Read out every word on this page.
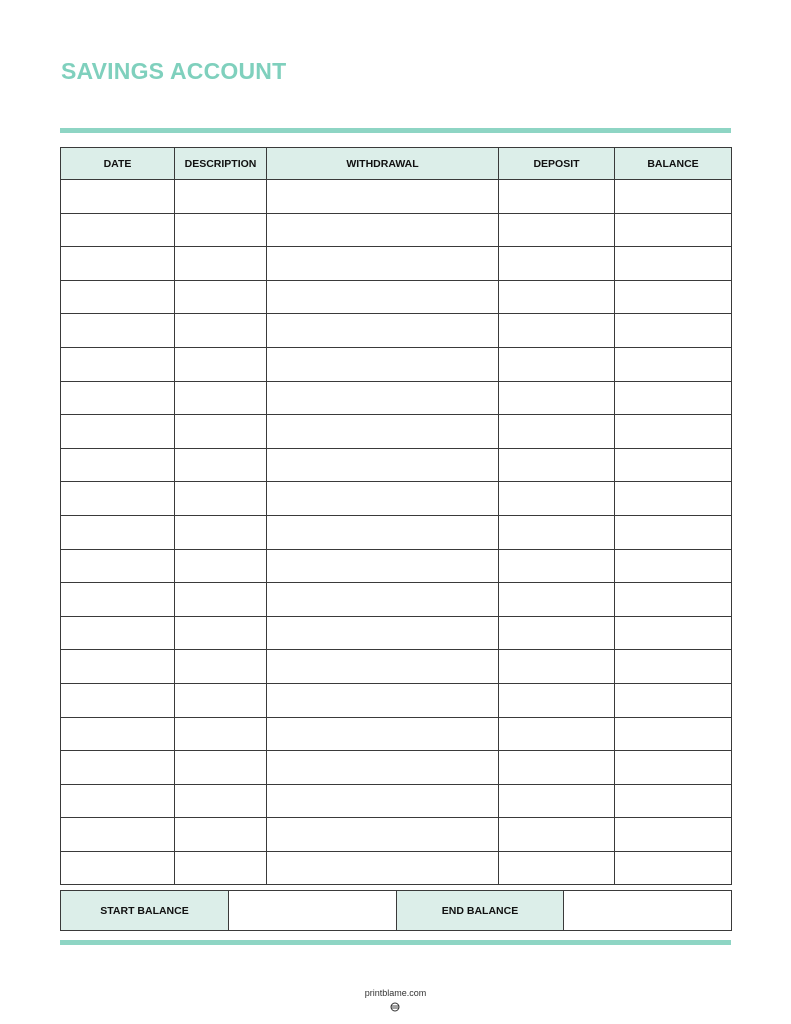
SAVINGS ACCOUNT
DATE	DESCRIPTION	WITHDRAWAL	DEPOSIT	BALANCE

START BALANCE		END BALANCE	
printblame.com
